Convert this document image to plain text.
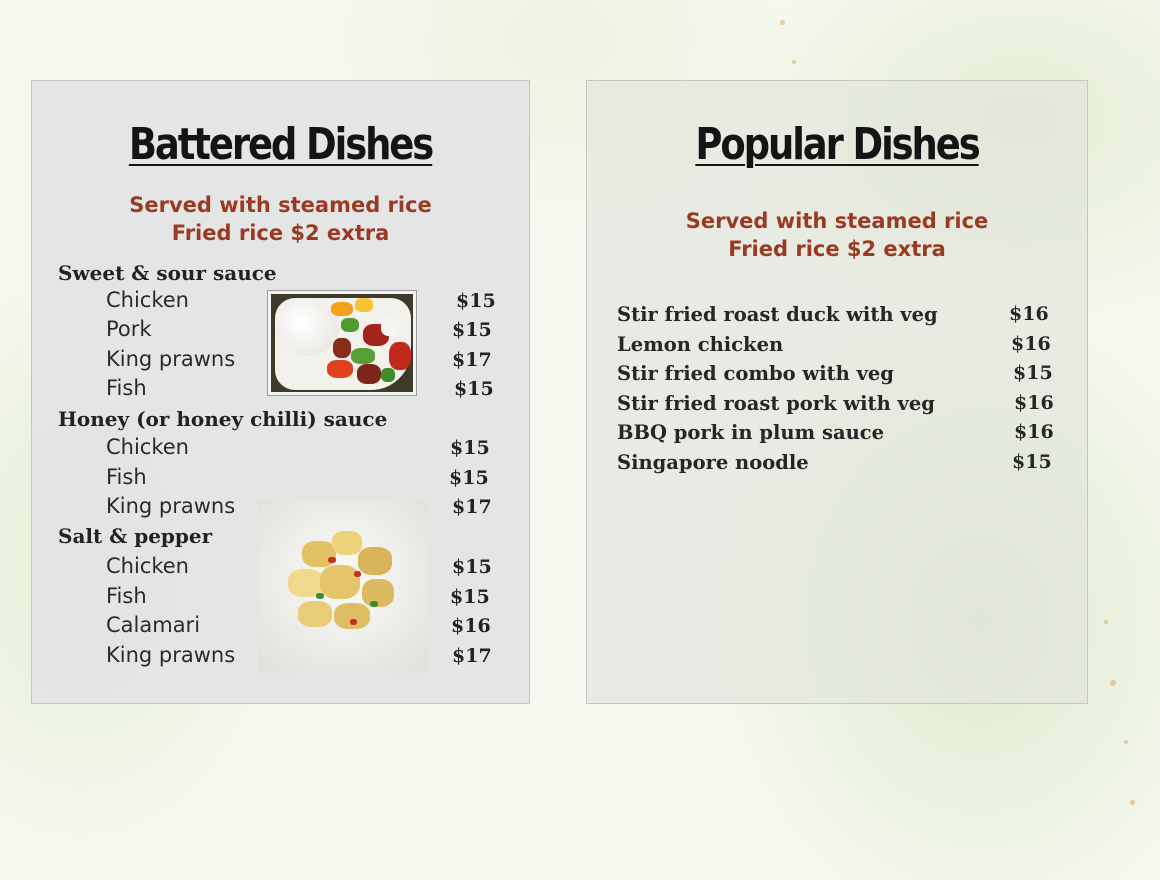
Battered Dishes
Served with steamed rice
Fried rice $2 extra
Sweet & sour sauce
Chicken	$15
Pork	$15
King prawns	$17
Fish	$15
Honey (or honey chilli) sauce
Chicken	$15
Fish	$15
King prawns	$17
Salt & pepper
Chicken	$15
Fish	$15
Calamari	$16
King prawns	$17
Popular Dishes
Served with steamed rice
Fried rice $2 extra
Stir fried roast duck with veg	$16
Lemon chicken	$16
Stir fried combo with veg	$15
Stir fried roast pork with veg	$16
BBQ pork in plum sauce	$16
Singapore noodle	$15
